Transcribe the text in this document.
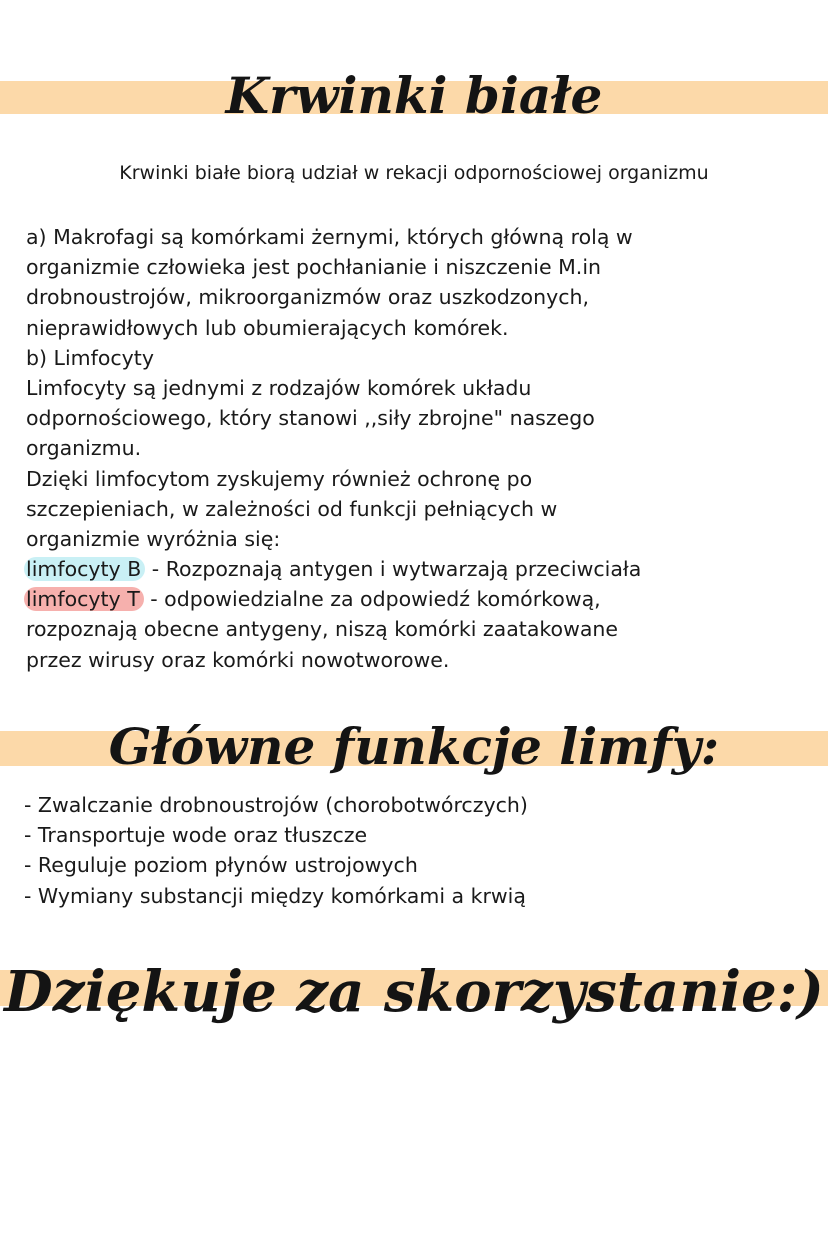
Krwinki białe

Krwinki białe biorą udział w rekacji odpornościowej organizmu

a) Makrofagi są komórkami żernymi, których główną rolą w
organizmie człowieka jest pochłanianie i niszczenie M.in
drobnoustrojów, mikroorganizmów oraz uszkodzonych,
nieprawidłowych lub obumierających komórek.
b) Limfocyty
Limfocyty są jednymi z rodzajów komórek układu
odpornościowego, który stanowi ,,siły zbrojne" naszego
organizmu.
Dzięki limfocytom zyskujemy również ochronę po
szczepieniach, w zależności od funkcji pełniących w
organizmie wyróżnia się:
limfocyty B - Rozpoznają antygen i wytwarzają przeciwciała
limfocyty T - odpowiedzialne za odpowiedź komórkową,
rozpoznają obecne antygeny, niszą komórki zaatakowane
przez wirusy oraz komórki nowotworowe.
Główne funkcje limfy:
- Zwalczanie drobnoustrojów (chorobotwórczych)
- Transportuje wode oraz tłuszcze
- Reguluje poziom płynów ustrojowych
- Wymiany substancji między komórkami a krwią
Dziękuje za skorzystanie:)
